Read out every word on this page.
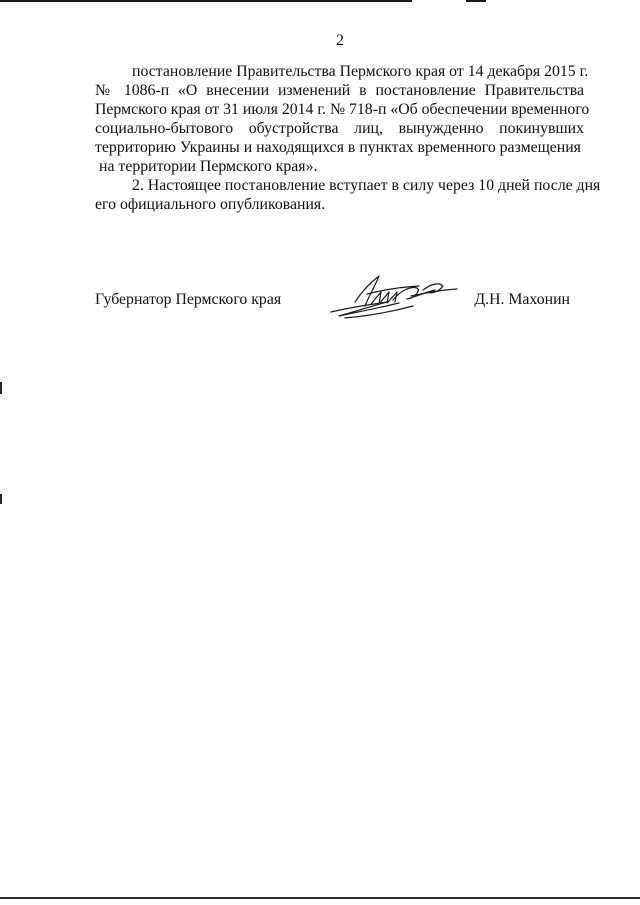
2

постановление Правительства Пермского края от 14 декабря 2015 г.
№ 1086-п «О внесении изменений в постановление Правительства
Пермского края от 31 июля 2014 г. № 718-п «Об обеспечении временного
социально-бытового обустройства лиц, вынужденно покинувших
территорию Украины и находящихся в пунктах временного размещения
на территории Пермского края».

2. Настоящее постановление вступает в силу через 10 дней после дня
его официального опубликования.

Губернатор Пермского края	Д.Н. Махонин
